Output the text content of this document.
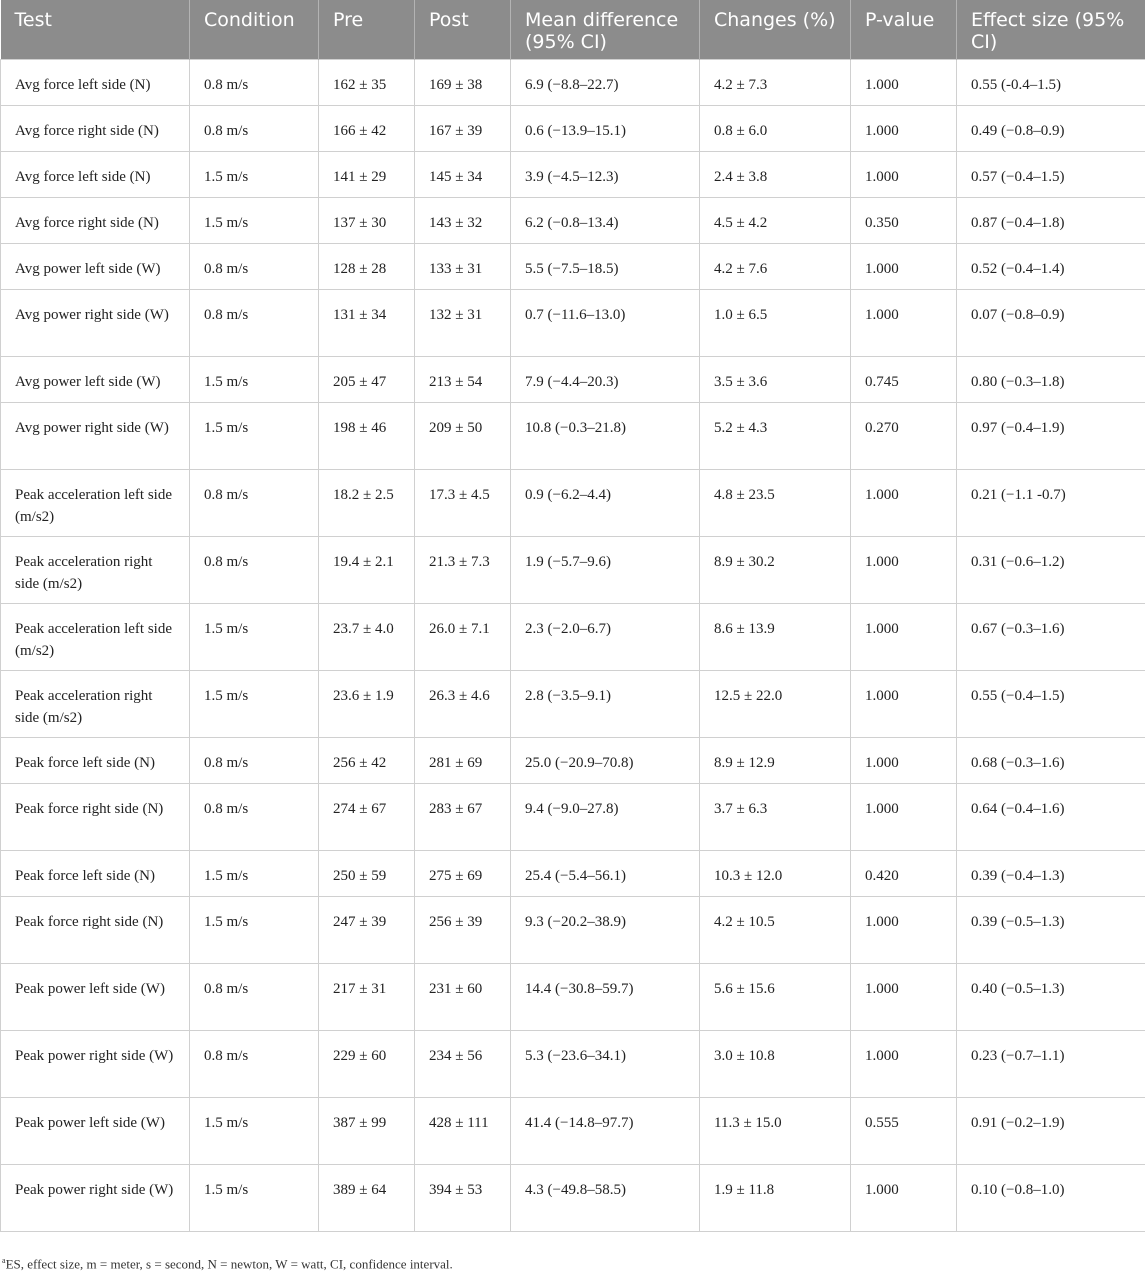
Test	Condition	Pre	Post	Mean difference (95% CI)	Changes (%)	P-value	Effect size (95% CI)
Avg force left side (N)	0.8 m/s	162 ± 35	169 ± 38	6.9 (−8.8–22.7)	4.2 ± 7.3	1.000	0.55 (-0.4–1.5)
Avg force right side (N)	0.8 m/s	166 ± 42	167 ± 39	0.6 (−13.9–15.1)	0.8 ± 6.0	1.000	0.49 (−0.8–0.9)
Avg force left side (N)	1.5 m/s	141 ± 29	145 ± 34	3.9 (−4.5–12.3)	2.4 ± 3.8	1.000	0.57 (−0.4–1.5)
Avg force right side (N)	1.5 m/s	137 ± 30	143 ± 32	6.2 (−0.8–13.4)	4.5 ± 4.2	0.350	0.87 (−0.4–1.8)
Avg power left side (W)	0.8 m/s	128 ± 28	133 ± 31	5.5 (−7.5–18.5)	4.2 ± 7.6	1.000	0.52 (−0.4–1.4)
Avg power right side (W)	0.8 m/s	131 ± 34	132 ± 31	0.7 (−11.6–13.0)	1.0 ± 6.5	1.000	0.07 (−0.8–0.9)
Avg power left side (W)	1.5 m/s	205 ± 47	213 ± 54	7.9 (−4.4–20.3)	3.5 ± 3.6	0.745	0.80 (−0.3–1.8)
Avg power right side (W)	1.5 m/s	198 ± 46	209 ± 50	10.8 (−0.3–21.8)	5.2 ± 4.3	0.270	0.97 (−0.4–1.9)
Peak acceleration left side (m/s2)	0.8 m/s	18.2 ± 2.5	17.3 ± 4.5	0.9 (−6.2–4.4)	4.8 ± 23.5	1.000	0.21 (−1.1 -0.7)
Peak acceleration right side (m/s2)	0.8 m/s	19.4 ± 2.1	21.3 ± 7.3	1.9 (−5.7–9.6)	8.9 ± 30.2	1.000	0.31 (−0.6–1.2)
Peak acceleration left side (m/s2)	1.5 m/s	23.7 ± 4.0	26.0 ± 7.1	2.3 (−2.0–6.7)	8.6 ± 13.9	1.000	0.67 (−0.3–1.6)
Peak acceleration right side (m/s2)	1.5 m/s	23.6 ± 1.9	26.3 ± 4.6	2.8 (−3.5–9.1)	12.5 ± 22.0	1.000	0.55 (−0.4–1.5)
Peak force left side (N)	0.8 m/s	256 ± 42	281 ± 69	25.0 (−20.9–70.8)	8.9 ± 12.9	1.000	0.68 (−0.3–1.6)
Peak force right side (N)	0.8 m/s	274 ± 67	283 ± 67	9.4 (−9.0–27.8)	3.7 ± 6.3	1.000	0.64 (−0.4–1.6)
Peak force left side (N)	1.5 m/s	250 ± 59	275 ± 69	25.4 (−5.4–56.1)	10.3 ± 12.0	0.420	0.39 (−0.4–1.3)
Peak force right side (N)	1.5 m/s	247 ± 39	256 ± 39	9.3 (−20.2–38.9)	4.2 ± 10.5	1.000	0.39 (−0.5–1.3)
Peak power left side (W)	0.8 m/s	217 ± 31	231 ± 60	14.4 (−30.8–59.7)	5.6 ± 15.6	1.000	0.40 (−0.5–1.3)
Peak power right side (W)	0.8 m/s	229 ± 60	234 ± 56	5.3 (−23.6–34.1)	3.0 ± 10.8	1.000	0.23 (−0.7–1.1)
Peak power left side (W)	1.5 m/s	387 ± 99	428 ± 111	41.4 (−14.8–97.7)	11.3 ± 15.0	0.555	0.91 (−0.2–1.9)
Peak power right side (W)	1.5 m/s	389 ± 64	394 ± 53	4.3 (−49.8–58.5)	1.9 ± 11.8	1.000	0.10 (−0.8–1.0)
$^a$ES, effect size, m = meter, s = second, N = newton, W = watt, CI, confidence interval.
